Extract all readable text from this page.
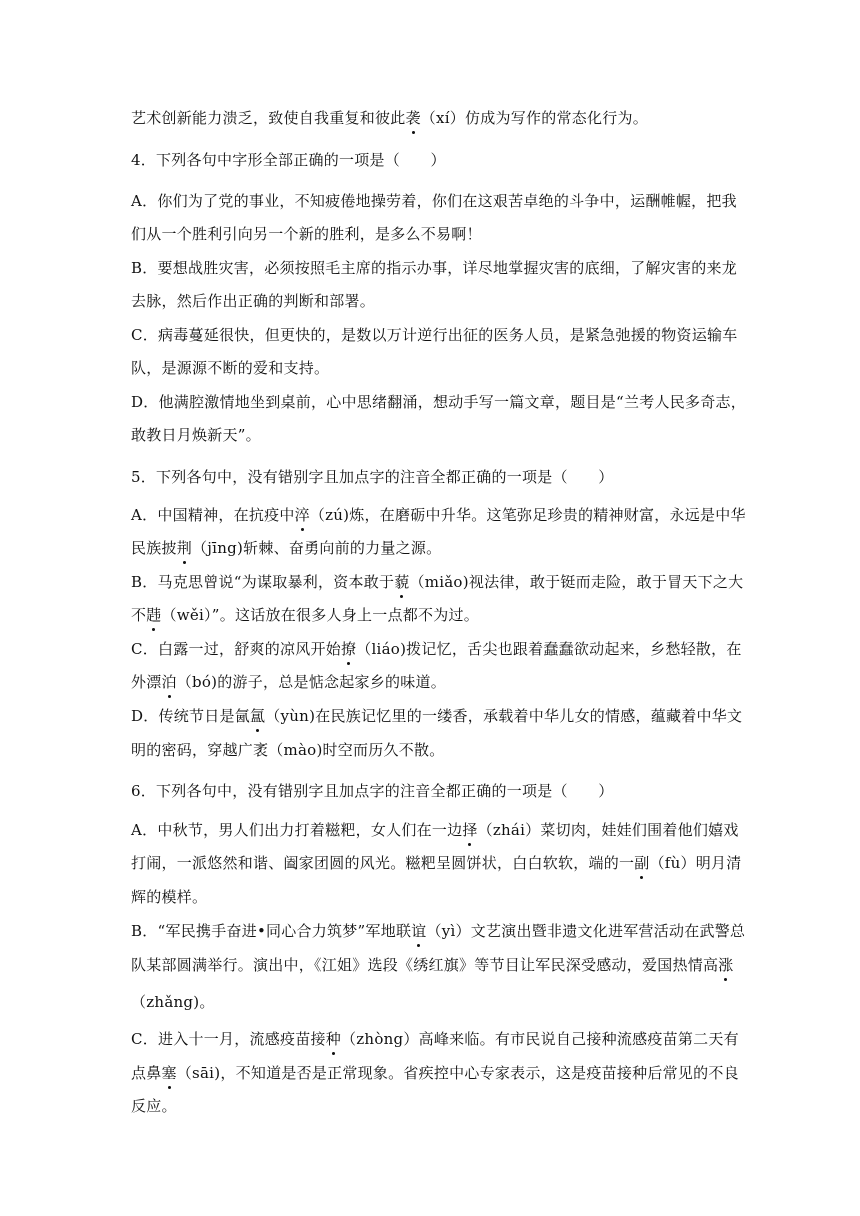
艺术创新能力溃乏，致使自我重复和彼此袭（xí）仿成为写作的常态化行为。
4．下列各句中字形全部正确的一项是（　　）
A．你们为了党的事业，不知疲倦地操劳着，你们在这艰苦卓绝的斗争中，运酬帷幄，把我
们从一个胜利引向另一个新的胜利，是多么不易啊！
B．要想战胜灾害，必须按照毛主席的指示办事，详尽地掌握灾害的底细，了解灾害的来龙
去脉，然后作出正确的判断和部署。
C．病毒蔓延很快，但更快的，是数以万计逆行出征的医务人员，是紧急弛援的物资运输车
队，是源源不断的爱和支持。
D．他满腔激情地坐到桌前，心中思绪翻涌，想动手写一篇文章，题目是“兰考人民多奇志，
敢教日月焕新天”。
5．下列各句中，没有错别字且加点字的注音全都正确的一项是（　　）
A．中国精神，在抗疫中淬（zú)炼，在磨砺中升华。这笔弥足珍贵的精神财富，永远是中华
民族披荆（jīng)斩棘、奋勇向前的力量之源。
B．马克思曾说“为谋取暴利，资本敢于藐（miǎo)视法律，敢于铤而走险，敢于冒天下之大
不韪（wěi）”。这话放在很多人身上一点都不为过。
C．白露一过，舒爽的凉风开始撩（liáo)拨记忆，舌尖也跟着蠢蠢欲动起来，乡愁轻散，在
外漂泊（bó)的游子，总是惦念起家乡的味道。
D．传统节日是氤氲（yùn)在民族记忆里的一缕香，承载着中华儿女的情感，蕴藏着中华文
明的密码，穿越广袤（mào)时空而历久不散。
6．下列各句中，没有错别字且加点字的注音全都正确的一项是（　　）
A．中秋节，男人们出力打着糍粑，女人们在一边择（zhái）菜切肉，娃娃们围着他们嬉戏
打闹，一派悠然和谐、阖家团圆的风光。糍粑呈圆饼状，白白软软，端的一副（fù）明月清
辉的模样。
B．“军民携手奋进•同心合力筑梦”军地联谊（yì）文艺演出暨非遗文化进军营活动在武警总
队某部圆满举行。演出中，《江姐》选段《绣红旗》等节目让军民深受感动，爱国热情高涨
（zhǎng)。
C．进入十一月，流感疫苗接种（zhòng）高峰来临。有市民说自己接种流感疫苗第二天有
点鼻塞（sāi)，不知道是否是正常现象。省疾控中心专家表示，这是疫苗接种后常见的不良
反应。
